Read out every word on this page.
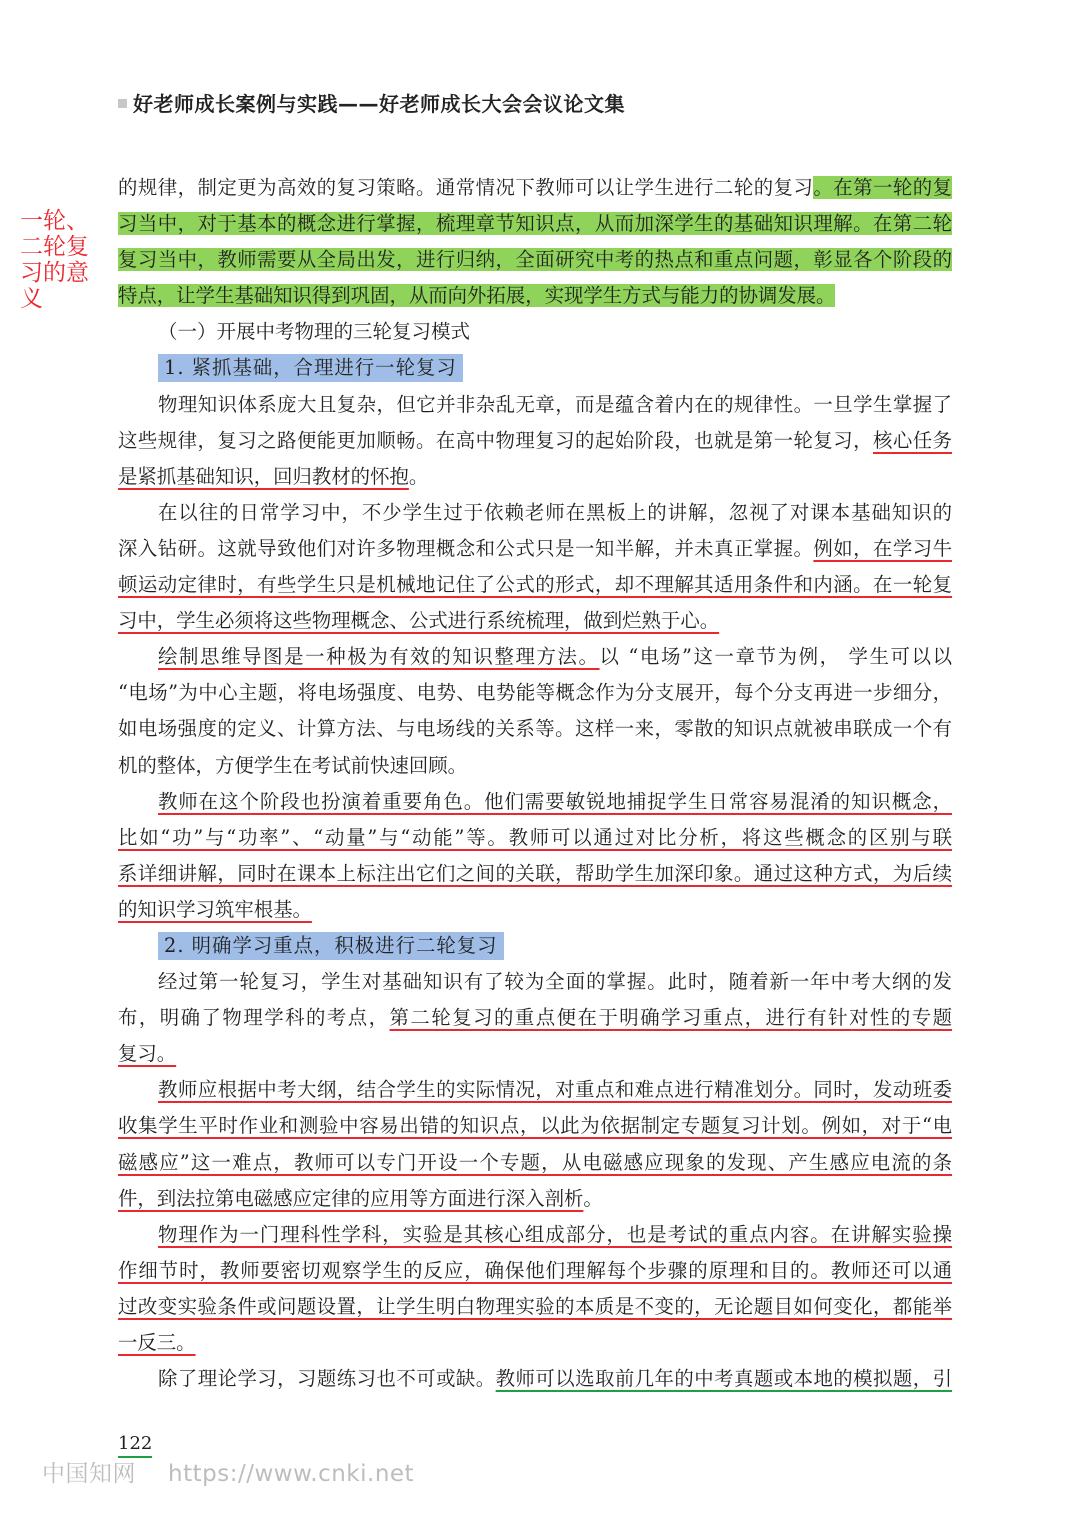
好老师成长案例与实践——好老师成长大会会议论文集
一轮、二轮复习的意义
的规律，制定更为高效的复习策略。通常情况下教师可以让学生进行二轮的复习。在第一轮的复
习当中，对于基本的概念进行掌握，梳理章节知识点，从而加深学生的基础知识理解。在第二轮
复习当中，教师需要从全局出发，进行归纳，全面研究中考的热点和重点问题，彰显各个阶段的
特点，让学生基础知识得到巩固，从而向外拓展，实现学生方式与能力的协调发展。
（一）开展中考物理的三轮复习模式
1. 紧抓基础，合理进行一轮复习
物理知识体系庞大且复杂，但它并非杂乱无章，而是蕴含着内在的规律性。一旦学生掌握了
这些规律，复习之路便能更加顺畅。在高中物理复习的起始阶段，也就是第一轮复习，核心任务
是紧抓基础知识，回归教材的怀抱。
在以往的日常学习中，不少学生过于依赖老师在黑板上的讲解，忽视了对课本基础知识的
深入钻研。这就导致他们对许多物理概念和公式只是一知半解，并未真正掌握。例如，在学习牛
顿运动定律时，有些学生只是机械地记住了公式的形式，却不理解其适用条件和内涵。在一轮复
习中，学生必须将这些物理概念、公式进行系统梳理，做到烂熟于心。
绘制思维导图是一种极为有效的知识整理方法。以 “电场”这一章节为例， 学生可以以
“电场”为中心主题，将电场强度、电势、电势能等概念作为分支展开，每个分支再进一步细分，
如电场强度的定义、计算方法、与电场线的关系等。这样一来，零散的知识点就被串联成一个有
机的整体，方便学生在考试前快速回顾。
教师在这个阶段也扮演着重要角色。他们需要敏锐地捕捉学生日常容易混淆的知识概念，
比如“功”与“功率”、“动量”与“动能”等。教师可以通过对比分析，将这些概念的区别与联
系详细讲解，同时在课本上标注出它们之间的关联，帮助学生加深印象。通过这种方式，为后续
的知识学习筑牢根基。
2. 明确学习重点，积极进行二轮复习
经过第一轮复习，学生对基础知识有了较为全面的掌握。此时，随着新一年中考大纲的发
布，明确了物理学科的考点，第二轮复习的重点便在于明确学习重点，进行有针对性的专题
复习。
教师应根据中考大纲，结合学生的实际情况，对重点和难点进行精准划分。同时，发动班委
收集学生平时作业和测验中容易出错的知识点，以此为依据制定专题复习计划。例如，对于“电
磁感应”这一难点，教师可以专门开设一个专题，从电磁感应现象的发现、产生感应电流的条
件，到法拉第电磁感应定律的应用等方面进行深入剖析。
物理作为一门理科性学科，实验是其核心组成部分，也是考试的重点内容。在讲解实验操
作细节时，教师要密切观察学生的反应，确保他们理解每个步骤的原理和目的。教师还可以通
过改变实验条件或问题设置，让学生明白物理实验的本质是不变的，无论题目如何变化，都能举
一反三。
除了理论学习，习题练习也不可或缺。教师可以选取前几年的中考真题或本地的模拟题，引
122
中国知网 https://www.cnki.net
